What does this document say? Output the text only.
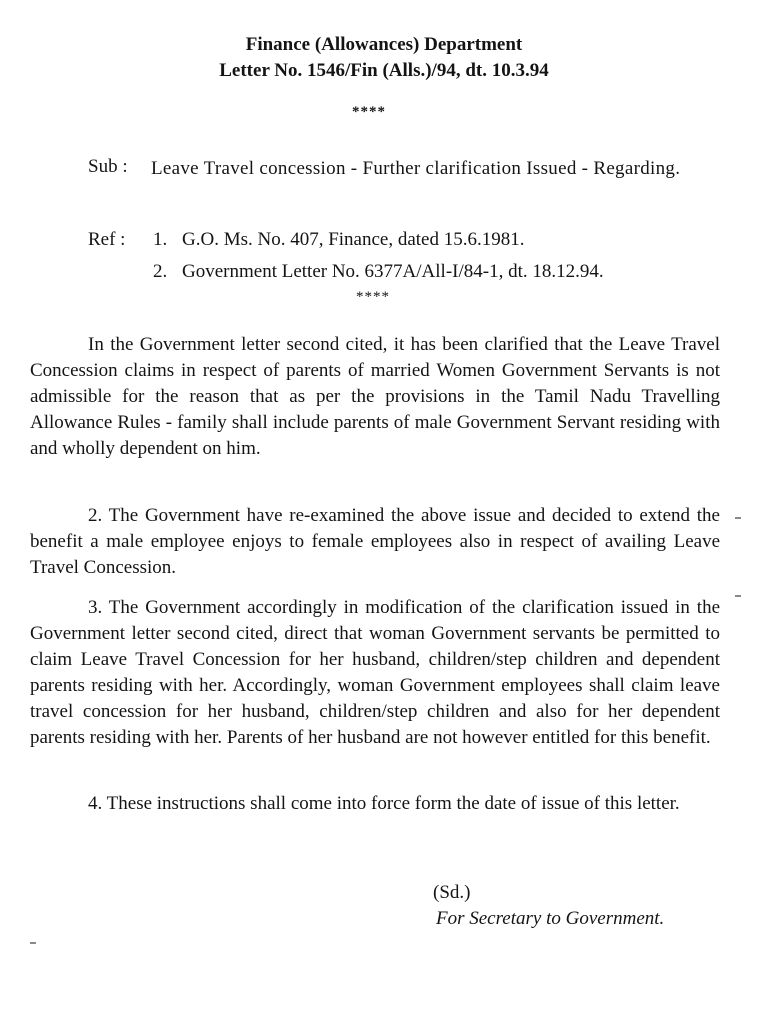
Finance (Allowances) Department
Letter No. 1546/Fin (Alls.)/94, dt. 10.3.94
****
Sub : Leave Travel concession - Further clarification Issued - Regarding.
Ref : 1. G.O. Ms. No. 407, Finance, dated 15.6.1981.
2. Government Letter No. 6377A/All-I/84-1, dt. 18.12.94.
****

In the Government letter second cited, it has been clarified that the Leave Travel Concession claims in respect of parents of married Women Government Servants is not admissible for the reason that as per the provisions in the Tamil Nadu Travelling Allowance Rules - family shall include parents of male Government Servant residing with and wholly dependent on him.

2. The Government have re-examined the above issue and decided to extend the benefit a male employee enjoys to female employees also in respect of availing Leave Travel Concession.

3. The Government accordingly in modification of the clarification issued in the Government letter second cited, direct that woman Government servants be permitted to claim Leave Travel Concession for her husband, children/step children and dependent parents residing with her. Accordingly, woman Government employees shall claim leave travel concession for her husband, children/step children and also for her dependent parents residing with her. Parents of her husband are not however entitled for this benefit.

4. These instructions shall come into force form the date of issue of this letter.

(Sd.)
For Secretary to Government.
